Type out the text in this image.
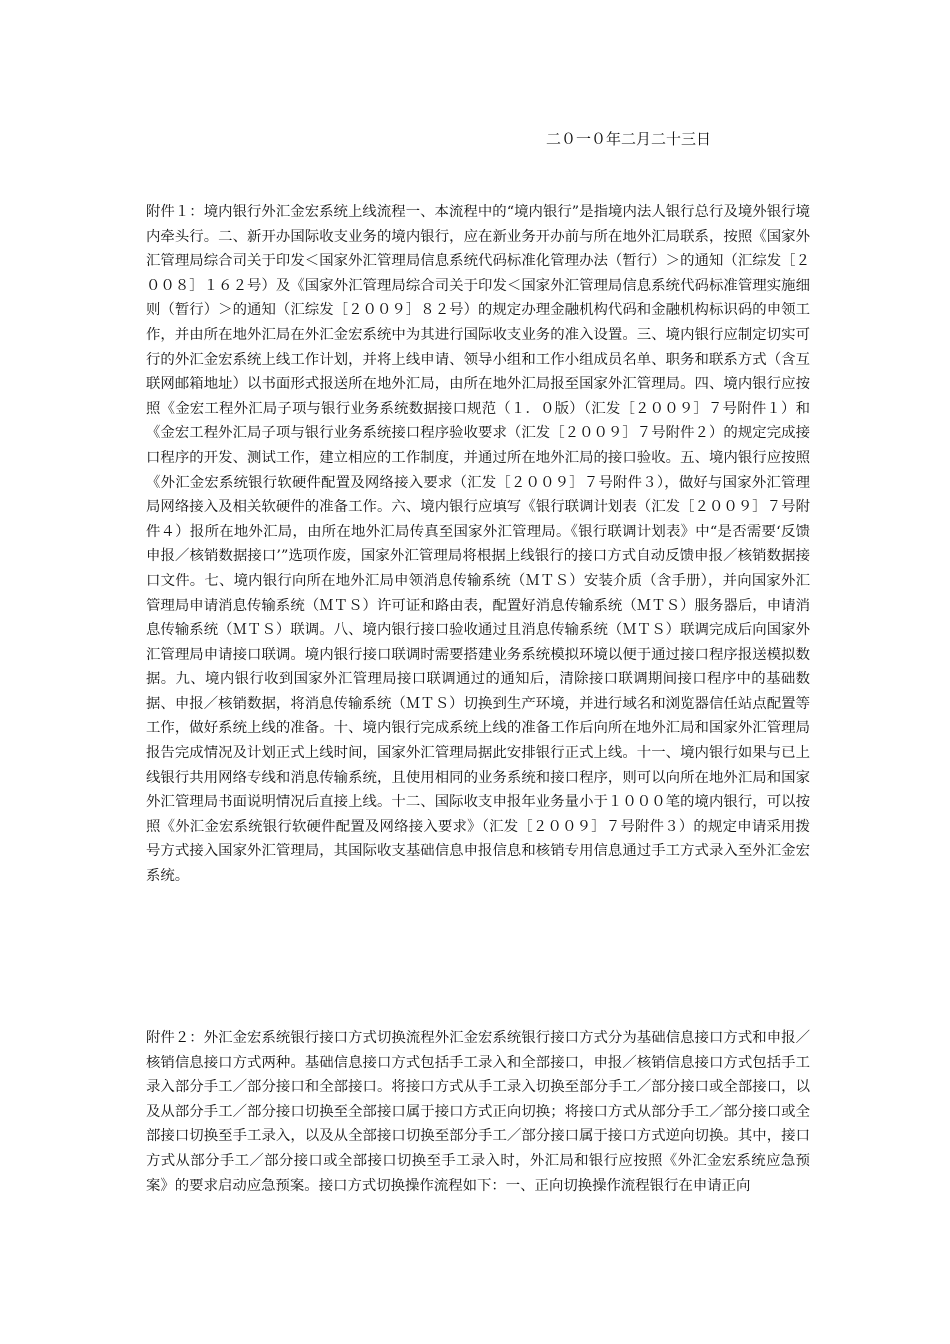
二０一０年二月二十三日
附件１：境内银行外汇金宏系统上线流程一、本流程中的“境内银行”是指境内法人银行总行及境外银行境内牵头行。二、新开办国际收支业务的境内银行，应在新业务开办前与所在地外汇局联系，按照《国家外汇管理局综合司关于印发＜国家外汇管理局信息系统代码标准化管理办法（暂行）＞的通知（汇综发［２００８］１６２号）及《国家外汇管理局综合司关于印发＜国家外汇管理局信息系统代码标准管理实施细则（暂行）＞的通知（汇综发［２００９］８２号）的规定办理金融机构代码和金融机构标识码的申领工作，并由所在地外汇局在外汇金宏系统中为其进行国际收支业务的准入设置。三、境内银行应制定切实可行的外汇金宏系统上线工作计划，并将上线申请、领导小组和工作小组成员名单、职务和联系方式（含互联网邮箱地址）以书面形式报送所在地外汇局，由所在地外汇局报至国家外汇管理局。四、境内银行应按照《金宏工程外汇局子项与银行业务系统数据接口规范（１．０版）（汇发［２００９］７号附件１）和《金宏工程外汇局子项与银行业务系统接口程序验收要求（汇发［２００９］７号附件２）的规定完成接口程序的开发、测试工作，建立相应的工作制度，并通过所在地外汇局的接口验收。五、境内银行应按照《外汇金宏系统银行软硬件配置及网络接入要求（汇发［２００９］７号附件３），做好与国家外汇管理局网络接入及相关软硬件的准备工作。六、境内银行应填写《银行联调计划表（汇发［２００９］７号附件４）报所在地外汇局，由所在地外汇局传真至国家外汇管理局。《银行联调计划表》中“是否需要‘反馈申报／核销数据接口’”选项作废，国家外汇管理局将根据上线银行的接口方式自动反馈申报／核销数据接口文件。七、境内银行向所在地外汇局申领消息传输系统（ＭＴＳ）安装介质（含手册），并向国家外汇管理局申请消息传输系统（ＭＴＳ）许可证和路由表，配置好消息传输系统（ＭＴＳ）服务器后，申请消息传输系统（ＭＴＳ）联调。八、境内银行接口验收通过且消息传输系统（ＭＴＳ）联调完成后向国家外汇管理局申请接口联调。境内银行接口联调时需要搭建业务系统模拟环境以便于通过接口程序报送模拟数据。九、境内银行收到国家外汇管理局接口联调通过的通知后，清除接口联调期间接口程序中的基础数据、申报／核销数据，将消息传输系统（ＭＴＳ）切换到生产环境，并进行域名和浏览器信任站点配置等工作，做好系统上线的准备。十、境内银行完成系统上线的准备工作后向所在地外汇局和国家外汇管理局报告完成情况及计划正式上线时间，国家外汇管理局据此安排银行正式上线。十一、境内银行如果与已上线银行共用网络专线和消息传输系统，且使用相同的业务系统和接口程序，则可以向所在地外汇局和国家外汇管理局书面说明情况后直接上线。十二、国际收支申报年业务量小于１０００笔的境内银行，可以按照《外汇金宏系统银行软硬件配置及网络接入要求》（汇发［２００９］７号附件３）的规定申请采用拨号方式接入国家外汇管理局，其国际收支基础信息申报信息和核销专用信息通过手工方式录入至外汇金宏系统。
附件２：外汇金宏系统银行接口方式切换流程外汇金宏系统银行接口方式分为基础信息接口方式和申报／核销信息接口方式两种。基础信息接口方式包括手工录入和全部接口，申报／核销信息接口方式包括手工录入部分手工／部分接口和全部接口。将接口方式从手工录入切换至部分手工／部分接口或全部接口，以及从部分手工／部分接口切换至全部接口属于接口方式正向切换；将接口方式从部分手工／部分接口或全部接口切换至手工录入，以及从全部接口切换至部分手工／部分接口属于接口方式逆向切换。其中，接口方式从部分手工／部分接口或全部接口切换至手工录入时，外汇局和银行应按照《外汇金宏系统应急预案》的要求启动应急预案。接口方式切换操作流程如下：一、正向切换操作流程银行在申请正向
